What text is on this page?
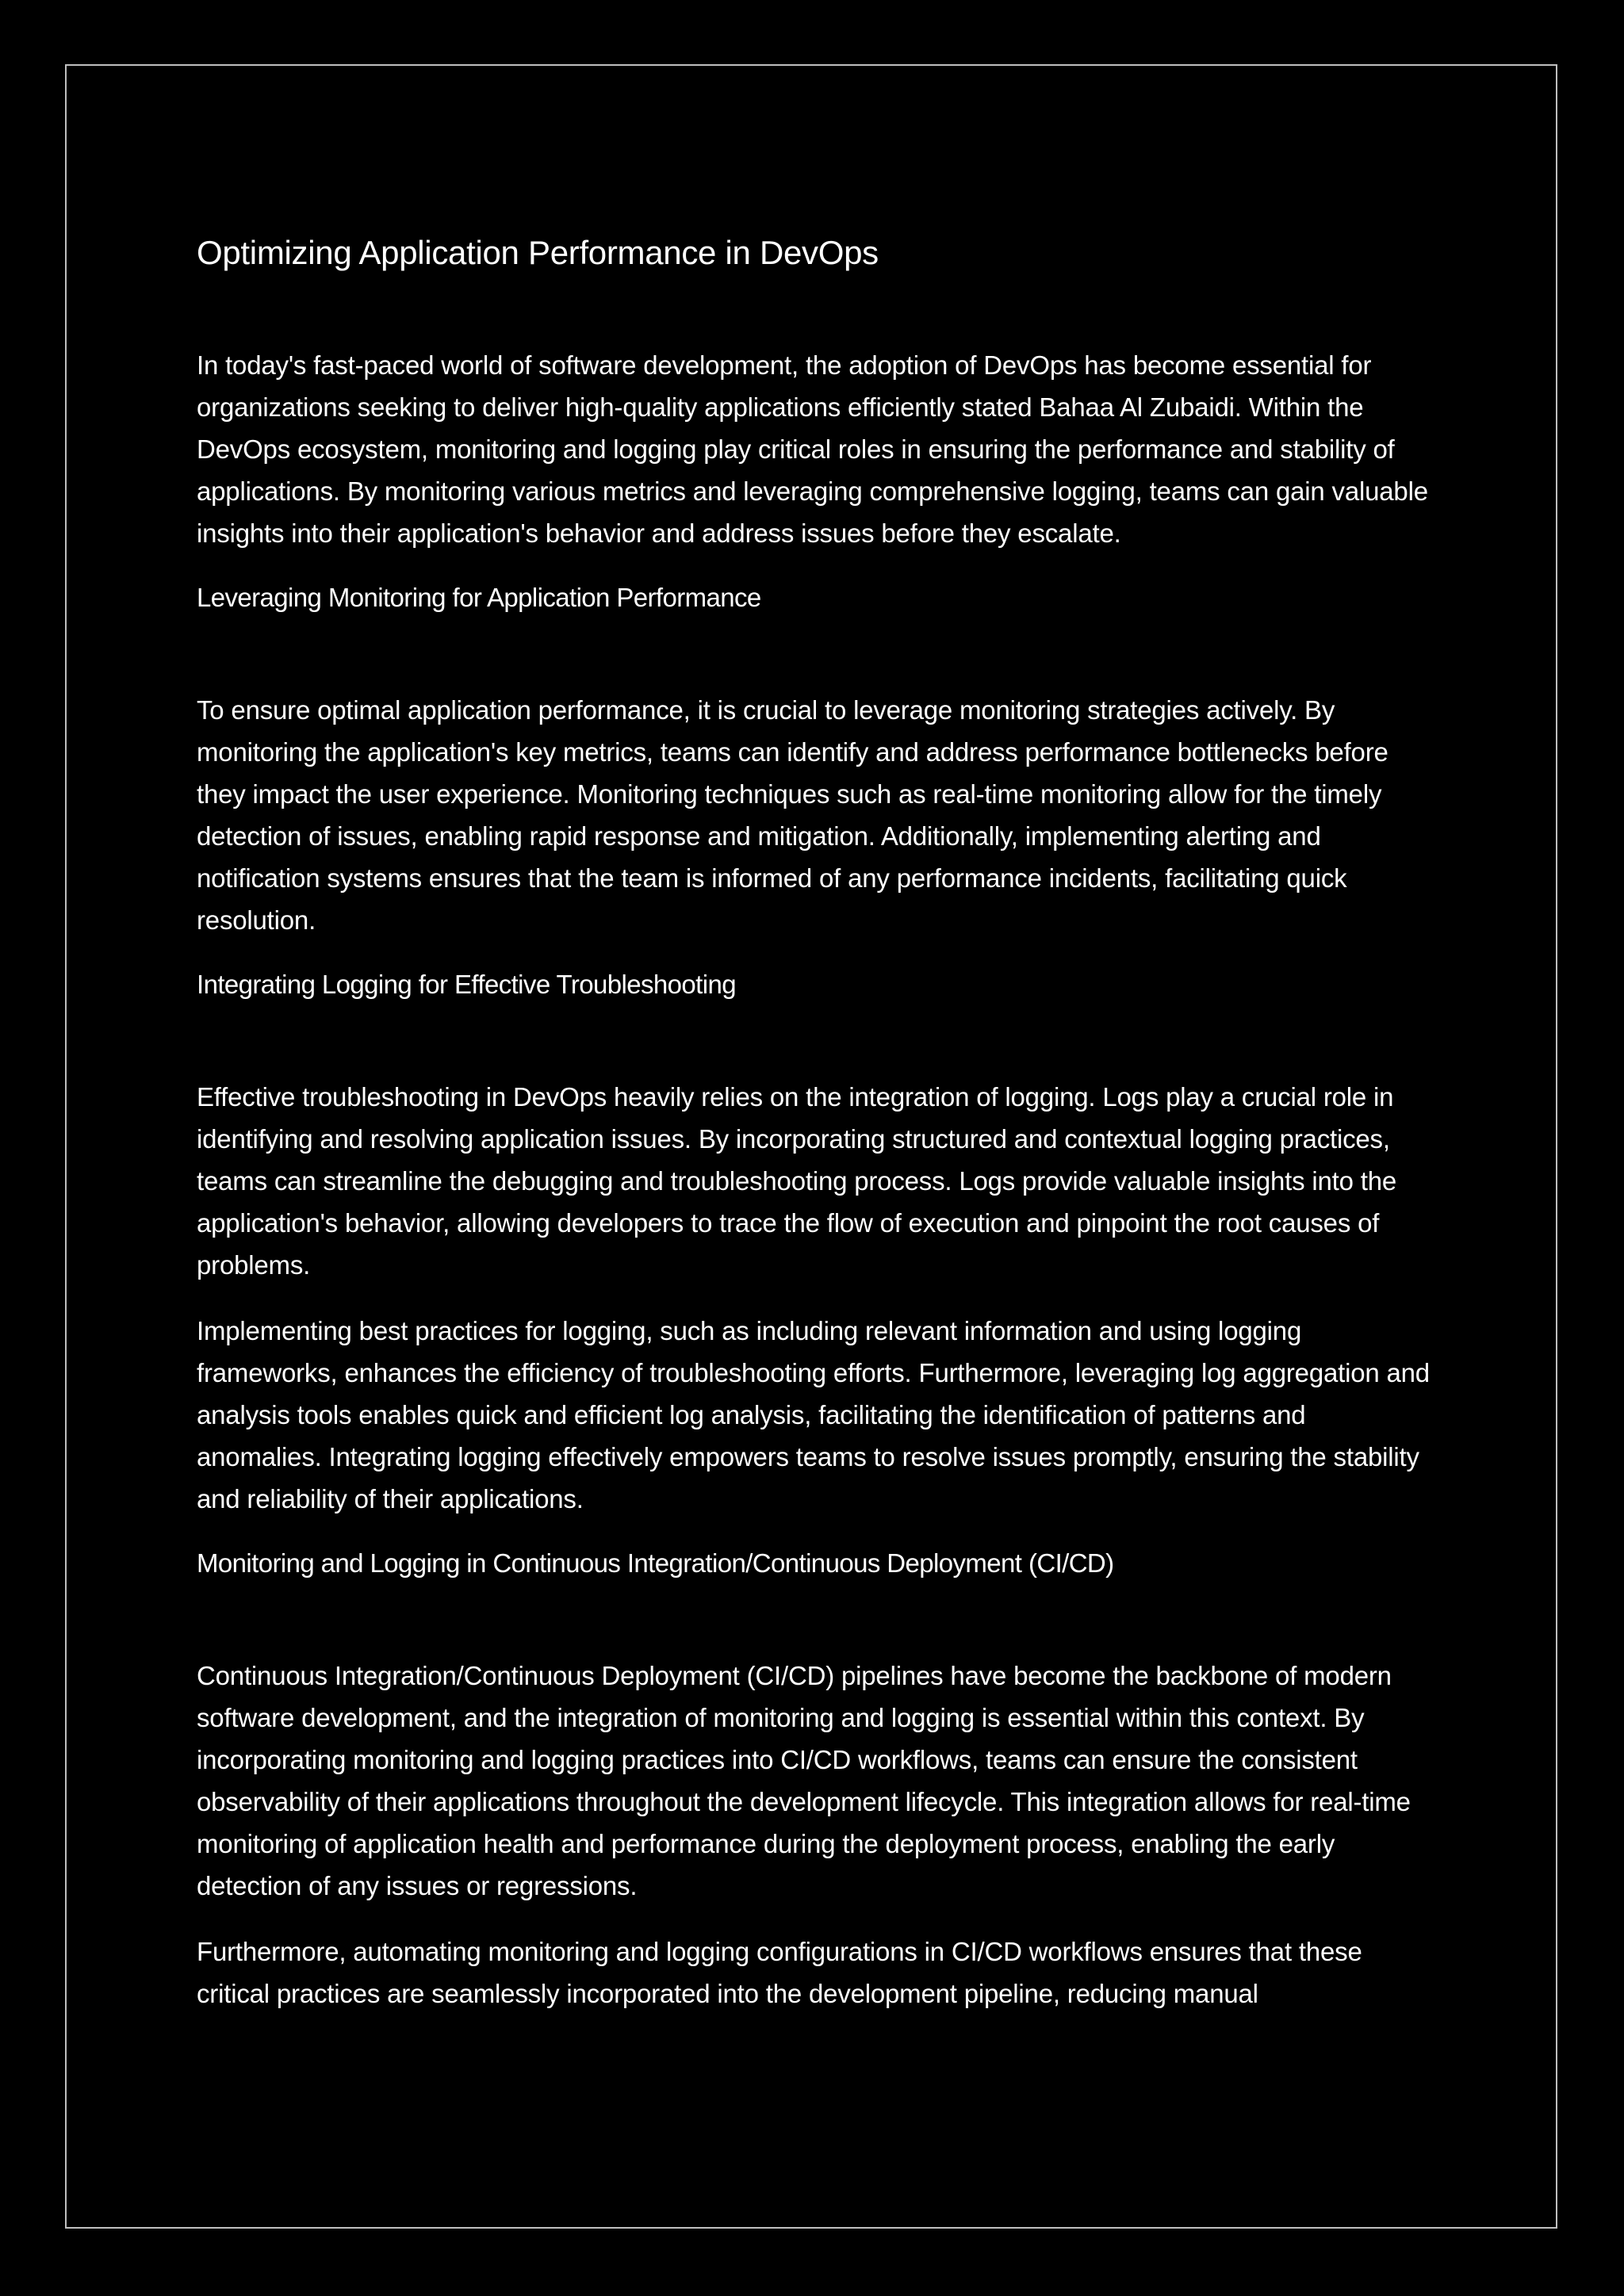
Optimizing Application Performance in DevOps

In today's fast-paced world of software development, the adoption of DevOps has become essential for organizations seeking to deliver high-quality applications efficiently stated Bahaa Al Zubaidi. Within the DevOps ecosystem, monitoring and logging play critical roles in ensuring the performance and stability of applications. By monitoring various metrics and leveraging comprehensive logging, teams can gain valuable insights into their application's behavior and address issues before they escalate.

Leveraging Monitoring for Application Performance

To ensure optimal application performance, it is crucial to leverage monitoring strategies actively. By monitoring the application's key metrics, teams can identify and address performance bottlenecks before they impact the user experience. Monitoring techniques such as real-time monitoring allow for the timely detection of issues, enabling rapid response and mitigation. Additionally, implementing alerting and notification systems ensures that the team is informed of any performance incidents, facilitating quick resolution.

Integrating Logging for Effective Troubleshooting

Effective troubleshooting in DevOps heavily relies on the integration of logging. Logs play a crucial role in identifying and resolving application issues. By incorporating structured and contextual logging practices, teams can streamline the debugging and troubleshooting process. Logs provide valuable insights into the application's behavior, allowing developers to trace the flow of execution and pinpoint the root causes of problems.

Implementing best practices for logging, such as including relevant information and using logging frameworks, enhances the efficiency of troubleshooting efforts. Furthermore, leveraging log aggregation and analysis tools enables quick and efficient log analysis, facilitating the identification of patterns and anomalies. Integrating logging effectively empowers teams to resolve issues promptly, ensuring the stability and reliability of their applications.

Monitoring and Logging in Continuous Integration/Continuous Deployment (CI/CD)

Continuous Integration/Continuous Deployment (CI/CD) pipelines have become the backbone of modern software development, and the integration of monitoring and logging is essential within this context. By incorporating monitoring and logging practices into CI/CD workflows, teams can ensure the consistent observability of their applications throughout the development lifecycle. This integration allows for real-time monitoring of application health and performance during the deployment process, enabling the early detection of any issues or regressions.

Furthermore, automating monitoring and logging configurations in CI/CD workflows ensures that these critical practices are seamlessly incorporated into the development pipeline, reducing manual
